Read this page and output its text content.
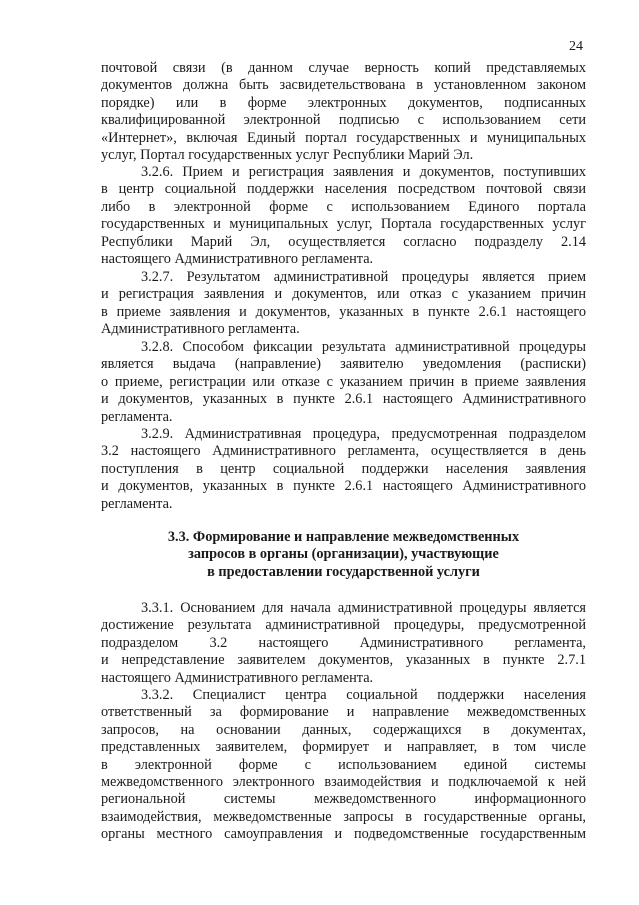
24
почтовой связи (в данном случае верность копий представляемых
документов должна быть засвидетельствована в установленном законом
порядке) или в форме электронных документов, подписанных
квалифицированной электронной подписью с использованием сети
«Интернет», включая Единый портал государственных и муниципальных
услуг, Портал государственных услуг Республики Марий Эл.
3.2.6. Прием и регистрация заявления и документов, поступивших
в центр социальной поддержки населения посредством почтовой связи
либо в электронной форме с использованием Единого портала
государственных и муниципальных услуг, Портала государственных услуг
Республики Марий Эл, осуществляется согласно подразделу 2.14
настоящего Административного регламента.
3.2.7. Результатом административной процедуры является прием
и регистрация заявления и документов, или отказ с указанием причин
в приеме заявления и документов, указанных в пункте 2.6.1 настоящего
Административного регламента.
3.2.8. Способом фиксации результата административной процедуры
является выдача (направление) заявителю уведомления (расписки)
о приеме, регистрации или отказе с указанием причин в приеме заявления
и документов, указанных в пункте 2.6.1 настоящего Административного
регламента.
3.2.9. Административная процедура, предусмотренная подразделом
3.2 настоящего Административного регламента, осуществляется в день
поступления в центр социальной поддержки населения заявления
и документов, указанных в пункте 2.6.1 настоящего Административного
регламента.
3.3. Формирование и направление межведомственных
запросов в органы (организации), участвующие
в предоставлении государственной услуги
3.3.1. Основанием для начала административной процедуры является
достижение результата административной процедуры, предусмотренной
подразделом 3.2 настоящего Административного регламента,
и непредставление заявителем документов, указанных в пункте 2.7.1
настоящего Административного регламента.
3.3.2. Специалист центра социальной поддержки населения
ответственный за формирование и направление межведомственных
запросов, на основании данных, содержащихся в документах,
представленных заявителем, формирует и направляет, в том числе
в электронной форме с использованием единой системы
межведомственного электронного взаимодействия и подключаемой к ней
региональной системы межведомственного информационного
взаимодействия, межведомственные запросы в государственные органы,
органы местного самоуправления и подведомственные государственным
